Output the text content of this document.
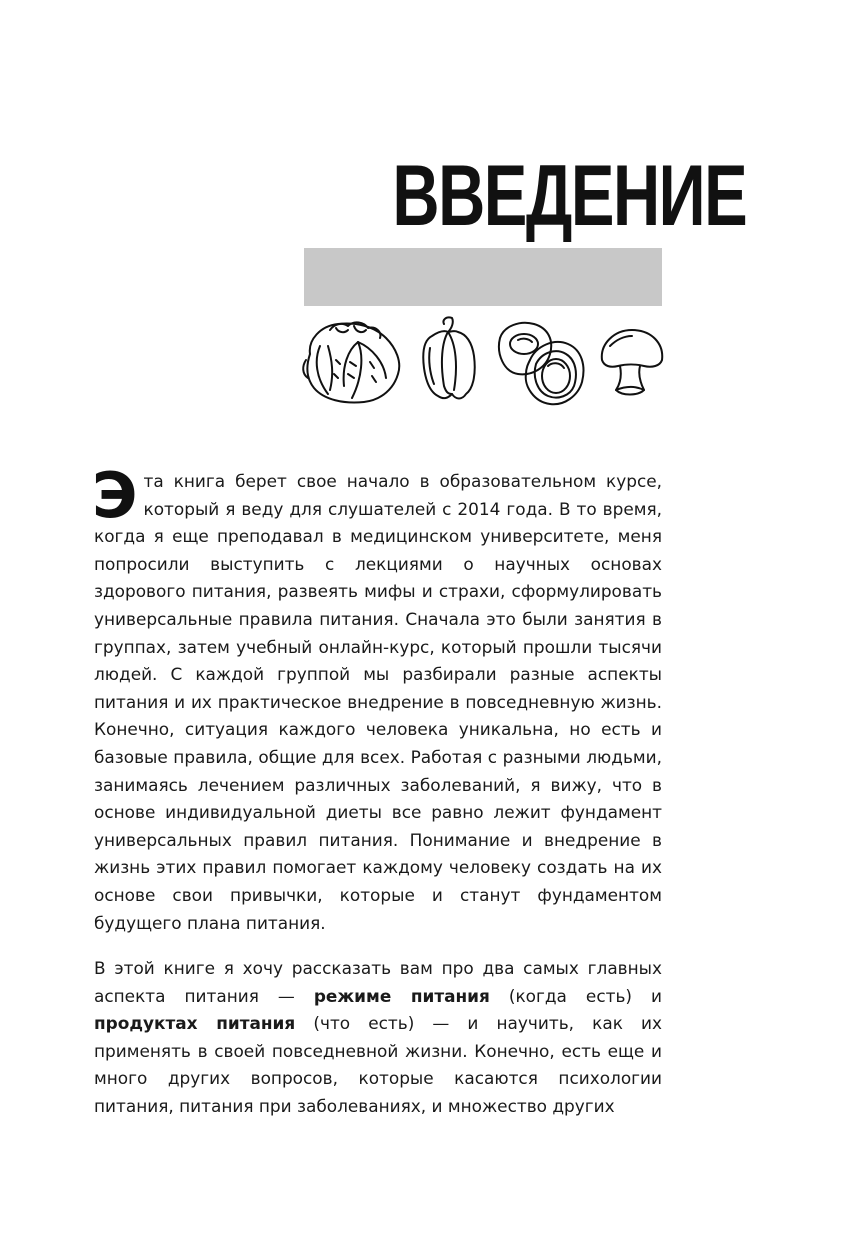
ВВЕДЕНИЕ

Эта книга берет свое начало в образовательном курсе, который я веду для слушателей с 2014 года. В то время, когда я еще преподавал в медицинском университете, меня попросили выступить с лекциями о научных основах здорового питания, развеять мифы и страхи, сформулировать универсальные правила питания. Сначала это были занятия в группах, затем учебный онлайн-курс, который прошли тысячи людей. С каждой группой мы разбирали разные аспекты питания и их практическое внедрение в повседневную жизнь. Конечно, ситуация каждого человека уникальна, но есть и базовые правила, общие для всех. Работая с разными людьми, занимаясь лечением различных заболеваний, я вижу, что в основе индивидуальной диеты все равно лежит фундамент универсальных правил питания. Понимание и внедрение в жизнь этих правил помогает каждому человеку создать на их основе свои привычки, которые и станут фундаментом будущего плана питания.

В этой книге я хочу рассказать вам про два самых главных аспекта питания — режиме питания (когда есть) и продуктах питания (что есть) — и научить, как их применять в своей повседневной жизни. Конечно, есть еще и много других вопросов, которые касаются психологии питания, питания при заболеваниях, и множество других
